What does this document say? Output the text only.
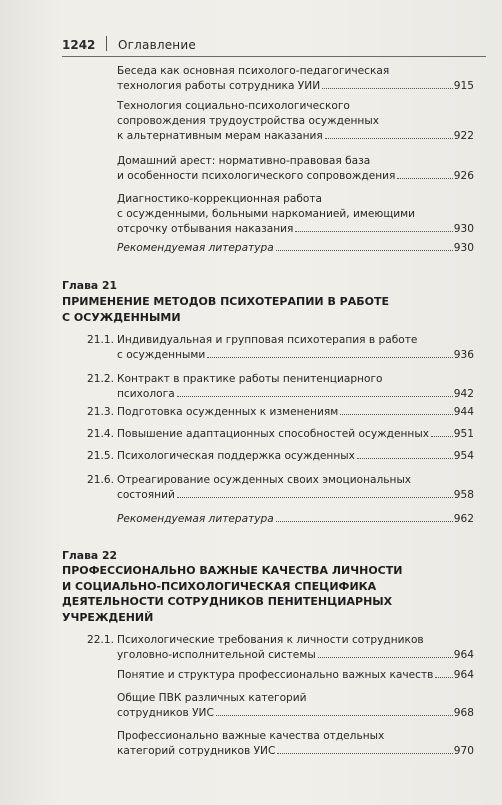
1242 Оглавление
Беседа как основная психолого-педагогическая
технология работы сотрудника УИИ	915
Технология социально-психологического
сопровождения трудоустройства осужденных
к альтернативным мерам наказания	922
Домашний арест: нормативно-правовая база
и особенности психологического сопровождения	926
Диагностико-коррекционная работа
с осужденными, больными наркоманией, имеющими
отсрочку отбывания наказания	930
Рекомендуемая литература	930
Глава 21
ПРИМЕНЕНИЕ МЕТОДОВ ПСИХОТЕРАПИИ В РАБОТЕ
С ОСУЖДЕННЫМИ
21.1. Индивидуальная и групповая психотерапия в работе
с осужденными	936
21.2. Контракт в практике работы пенитенциарного
психолога	942
21.3. Подготовка осужденных к изменениям	944
21.4. Повышение адаптационных способностей осужденных 951
21.5. Психологическая поддержка осужденных	954
21.6. Отреагирование осужденных своих эмоциональных
состояний	958
Рекомендуемая литература	962
Глава 22
ПРОФЕССИОНАЛЬНО ВАЖНЫЕ КАЧЕСТВА ЛИЧНОСТИ
И СОЦИАЛЬНО-ПСИХОЛОГИЧЕСКАЯ СПЕЦИФИКА
ДЕЯТЕЛЬНОСТИ СОТРУДНИКОВ ПЕНИТЕНЦИАРНЫХ
УЧРЕЖДЕНИЙ
22.1. Психологические требования к личности сотрудников
уголовно-исполнительной системы	964
Понятие и структура профессионально важных качеств 964
Общие ПВК различных категорий
сотрудников УИС	968
Профессионально важные качества отдельных
категорий сотрудников УИС	970
